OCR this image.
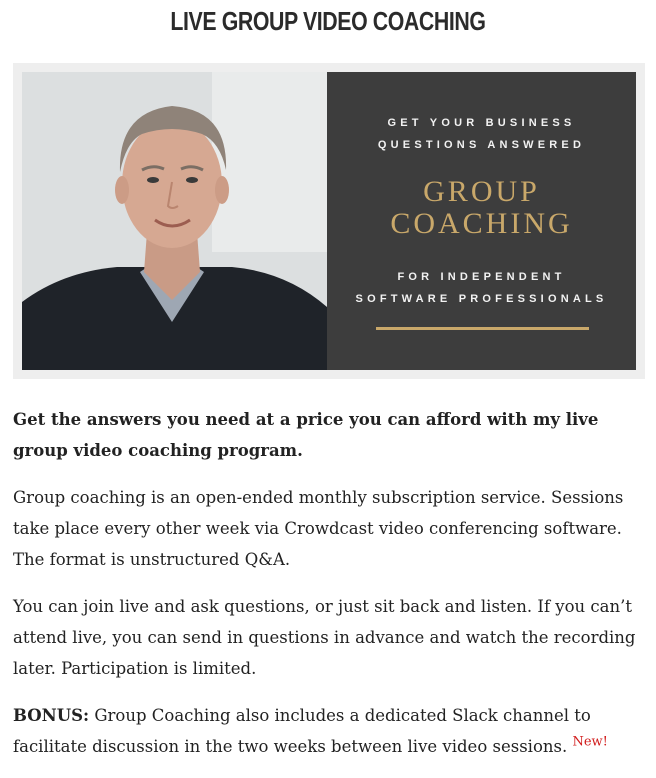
LIVE GROUP VIDEO COACHING
GET YOUR BUSINESS
QUESTIONS ANSWERED
GROUP
COACHING
FOR INDEPENDENT
SOFTWARE PROFESSIONALS

Get the answers you need at a price you can afford with my live group video coaching program.

Group coaching is an open-ended monthly subscription service. Sessions take place every other week via Crowdcast video conferencing software. The format is unstructured Q&A.

You can join live and ask questions, or just sit back and listen. If you can’t attend live, you can send in questions in advance and watch the recording later. Participation is limited.

BONUS: Group Coaching also includes a dedicated Slack channel to facilitate discussion in the two weeks between live video sessions. $^{New!}$
